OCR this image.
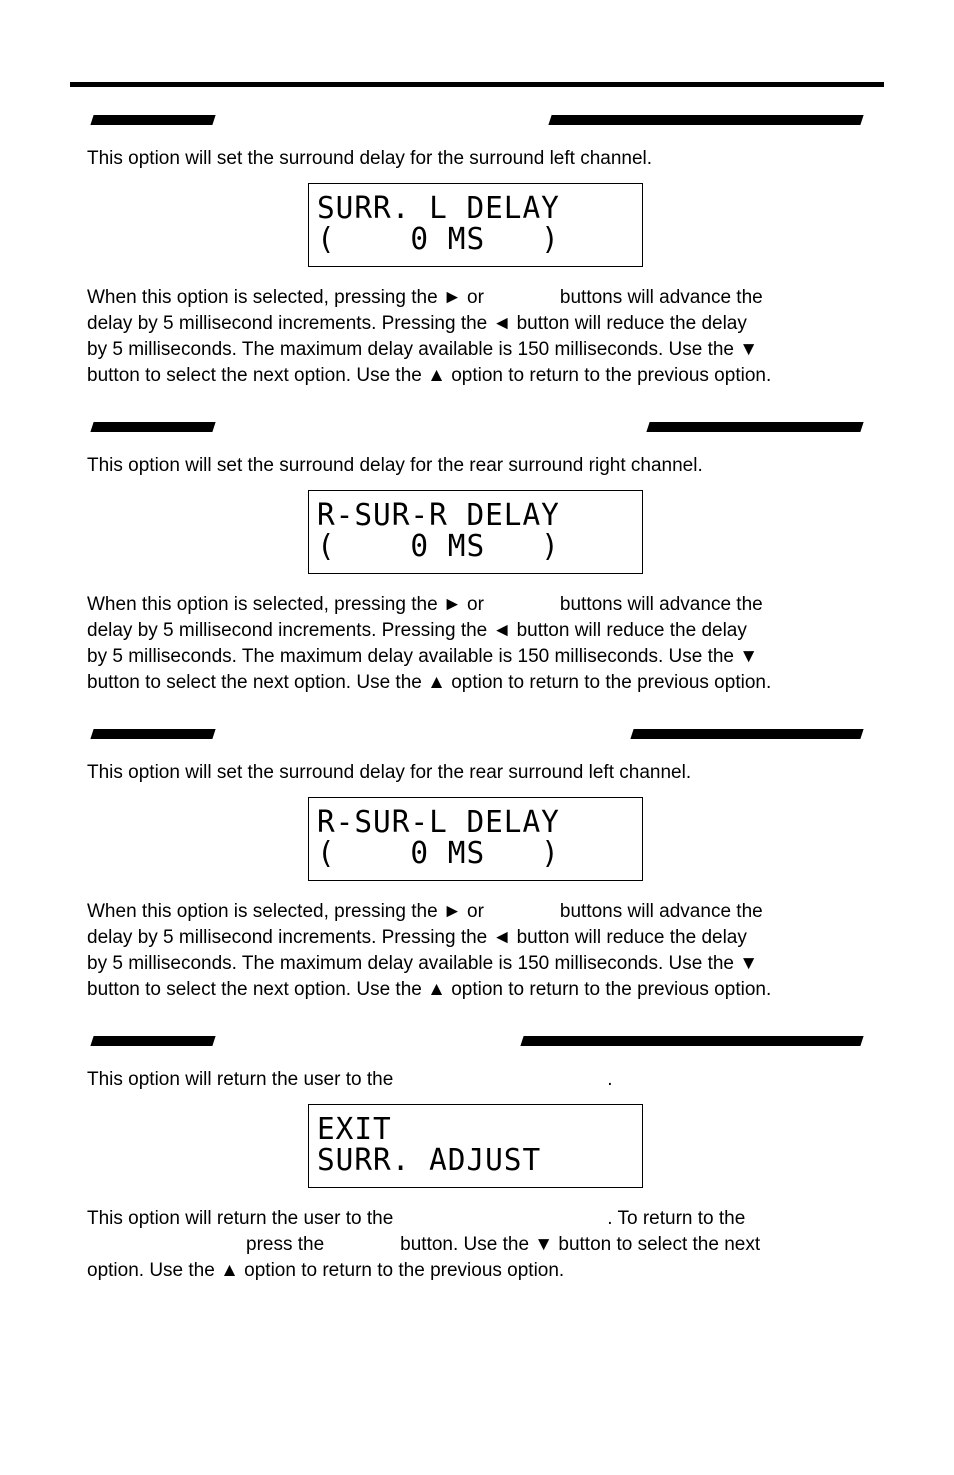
This option will set the surround delay for the surround left channel.
SURR. L DELAY
(    0 MS   )
When this option is selected, pressing the ► or	buttons will advance the
delay by 5 millisecond increments. Pressing the ◄ button will reduce the delay
by 5 milliseconds. The maximum delay available is 150 milliseconds. Use the ▼
button to select the next option. Use the ▲ option to return to the previous option.
This option will set the surround delay for the rear surround right channel.
R-SUR-R DELAY
(    0 MS   )
When this option is selected, pressing the ► or	buttons will advance the
delay by 5 millisecond increments. Pressing the ◄ button will reduce the delay
by 5 milliseconds. The maximum delay available is 150 milliseconds. Use the ▼
button to select the next option. Use the ▲ option to return to the previous option.
This option will set the surround delay for the rear surround left channel.
R-SUR-L DELAY
(    0 MS   )
When this option is selected, pressing the ► or	buttons will advance the
delay by 5 millisecond increments. Pressing the ◄ button will reduce the delay
by 5 milliseconds. The maximum delay available is 150 milliseconds. Use the ▼
button to select the next option. Use the ▲ option to return to the previous option.
This option will return the user to the	.
EXIT
SURR. ADJUST
This option will return the user to the	. To return to the
press the	button. Use the ▼ button to select the next
option. Use the ▲ option to return to the previous option.
